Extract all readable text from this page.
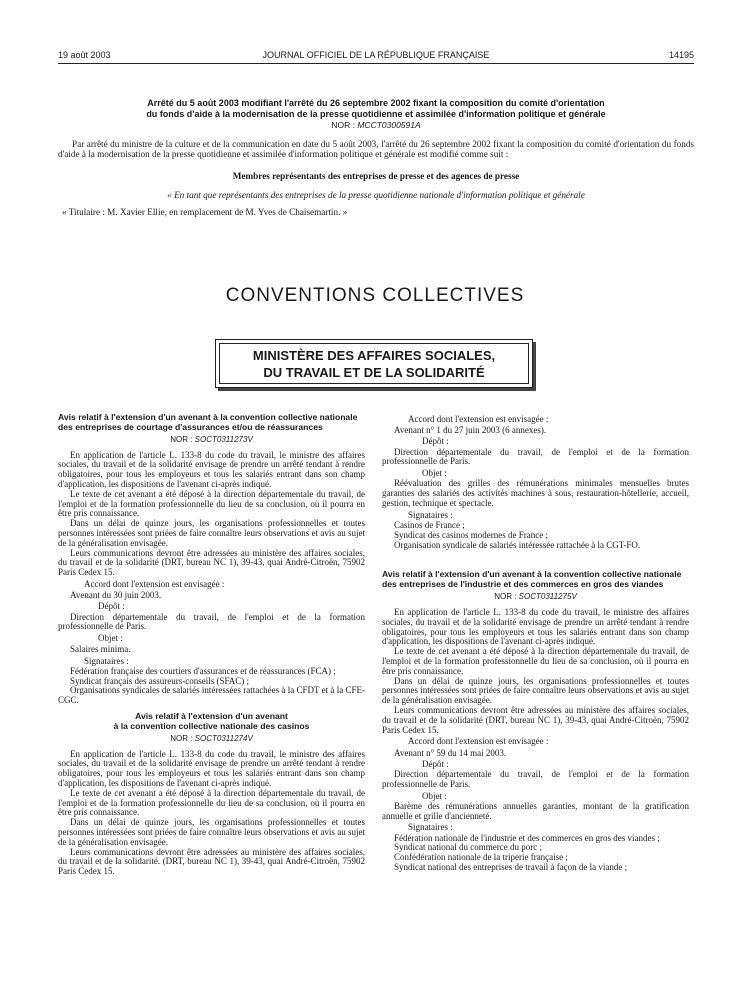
19 août 2003	JOURNAL OFFICIEL DE LA RÉPUBLIQUE FRANÇAISE	14195
Arrêté du 5 août 2003 modifiant l'arrêté du 26 septembre 2002 fixant la composition du comité d'orientation
du fonds d'aide à la modernisation de la presse quotidienne et assimilée d'information politique et générale
NOR : MCCT0300591A

Par arrêté du ministre de la culture et de la communication en date du 5 août 2003, l'arrêté du 26 septembre 2002 fixant la composition du comité d'orientation du fonds d'aide à la modernisation de la presse quotidienne et assimilée d'information politique et générale est modifié comme suit :

Membres représentants des entreprises de presse et des agences de presse
« En tant que représentants des entreprises de la presse quotidienne nationale d'information politique et générale
« Titulaire : M. Xavier Ellie, en remplacement de M. Yves de Chaisemartin. »
CONVENTIONS COLLECTIVES
MINISTÈRE DES AFFAIRES SOCIALES,
DU TRAVAIL ET DE LA SOLIDARITÉ
Avis relatif à l'extension d'un avenant à la convention collective nationale des entreprises de courtage d'assurances et/ou de réassurances
NOR : SOCT0311273V

En application de l'article L. 133-8 du code du travail, le ministre des affaires sociales, du travail et de la solidarité envisage de prendre un arrêté tendant à rendre obligatoires, pour tous les employeurs et tous les salariés entrant dans son champ d'application, les dispositions de l'avenant ci-après indiqué.

Le texte de cet avenant a été déposé à la direction départementale du travail, de l'emploi et de la formation professionnelle du lieu de sa conclusion, où il pourra en être pris connaissance.

Dans un délai de quinze jours, les organisations professionnelles et toutes personnes intéressées sont priées de faire connaître leurs observations et avis au sujet de la généralisation envisagée.

Leurs communications devront être adressées au ministère des affaires sociales, du travail et de la solidarité (DRT, bureau NC 1), 39-43, quai André-Citroën, 75902 Paris Cedex 15.

Accord dont l'extension est envisagée :
Avenant du 30 juin 2003.
Dépôt :

Direction départementale du travail, de l'emploi et de la formation professionnelle de Paris.

Objet :
Salaires minima.
Signataires :

Fédération française des courtiers d'assurances et de réassurances (FCA) ;

Syndicat français des assureurs-conseils (SFAC) ;

Organisations syndicales de salariés intéressées rattachées à la CFDT et à la CFE-CGC.

Avis relatif à l'extension d'un avenant
à la convention collective nationale des casinos
NOR : SOCT0311274V

En application de l'article L. 133-8 du code du travail, le ministre des affaires sociales, du travail et de la solidarité envisage de prendre un arrêté tendant à rendre obligatoires, pour tous les employeurs et tous les salariés entrant dans son champ d'application, les dispositions de l'avenant ci-après indiqué.

Le texte de cet avenant a été déposé à la direction départementale du travail, de l'emploi et de la formation professionnelle du lieu de sa conclusion, où il pourra en être pris connaissance.

Dans un délai de quinze jours, les organisations professionnelles et toutes personnes intéressées sont priées de faire connaître leurs observations et avis au sujet de la généralisation envisagée.

Leurs communications devront être adressées au ministère des affaires sociales, du travail et de la solidarité. (DRT, bureau NC 1), 39-43, quai André-Citroën, 75902 Paris Cedex 15.

Accord dont l'extension est envisagée :
Avenant n° 1 du 27 juin 2003 (6 annexes).
Dépôt :

Direction départementale du travail, de l'emploi et de la formation professionnelle de Paris.

Objet :

Réévaluation des grilles des rémunérations minimales mensuelles brutes garanties des salariés des activités machines à sous, restauration-hôtellerie, accueil, gestion, technique et spectacle.

Signataires :

Casinos de France ;

Syndicat des casinos modernes de France ;

Organisation syndicale de salariés intéressée rattachée à la CGT-FO.

Avis relatif à l'extension d'un avenant à la convention collective nationale des entreprises de l'industrie et des commerces en gros des viandes
NOR : SOCT0311275V

En application de l'article L. 133-8 du code du travail, le ministre des affaires sociales, du travail et de la solidarité envisage de prendre un arrêté tendant à rendre obligatoires, pour tous les employeurs et tous les salariés entrant dans son champ d'application, les dispositions de l'avenant ci-après indiqué.

Le texte de cet avenant a été déposé à la direction départementale du travail, de l'emploi et de la formation professionnelle du lieu de sa conclusion, où il pourra en être pris connaissance.

Dans un délai de quinze jours, les organisations professionnelles et toutes personnes intéressées sont priées de faire connaître leurs observations et avis au sujet de la généralisation envisagée.

Leurs communications devront être adressées au ministère des affaires sociales, du travail et de la solidarité (DRT, bureau NC 1), 39-43, quai André-Citroën, 75902 Paris Cedex 15.

Accord dont l'extension est envisagée :
Avenant n° 59 du 14 mai 2003.
Dépôt :

Direction départementale du travail, de l'emploi et de la formation professionnelle de Paris.

Objet :

Barème des rémunérations annuelles garanties, montant de la gratification annuelle et grille d'ancienneté.

Signataires :

Fédération nationale de l'industrie et des commerces en gros des viandes ;

Syndicat national du commerce du porc ;

Confédération nationale de la triperie française ;

Syndicat national des entreprises de travail à façon de la viande ;
